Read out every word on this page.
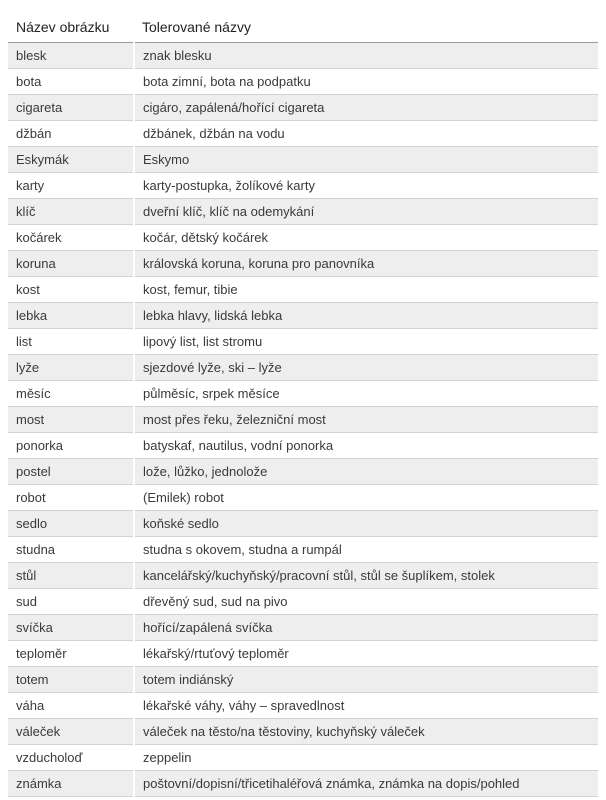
Název obrázku	Tolerované názvy
blesk	znak blesku
bota	bota zimní, bota na podpatku
cigareta	cigáro, zapálená/hořící cigareta
džbán	džbánek, džbán na vodu
Eskymák	Eskymo
karty	karty-postupka, žolíkové karty
klíč	dveřní klíč, klíč na odemykání
kočárek	kočár, dětský kočárek
koruna	královská koruna, koruna pro panovníka
kost	kost, femur, tibie
lebka	lebka hlavy, lidská lebka
list	lipový list, list stromu
lyže	sjezdové lyže, ski – lyže
měsíc	půlměsíc, srpek měsíce
most	most přes řeku, železniční most
ponorka	batyskaf, nautilus, vodní ponorka
postel	lože, lůžko, jednolože
robot	(Emilek) robot
sedlo	koňské sedlo
studna	studna s okovem, studna a rumpál
stůl	kancelářský/kuchyňský/pracovní stůl, stůl se šuplíkem, stolek
sud	dřevěný sud, sud na pivo
svíčka	hořící/zapálená svíčka
teploměr	lékařský/rtuťový teploměr
totem	totem indiánský
váha	lékařské váhy, váhy – spravedlnost
váleček	váleček na těsto/na těstoviny, kuchyňský váleček
vzducholoď	zeppelin
známka	poštovní/dopisní/třicetihaléřová známka, známka na dopis/pohled
